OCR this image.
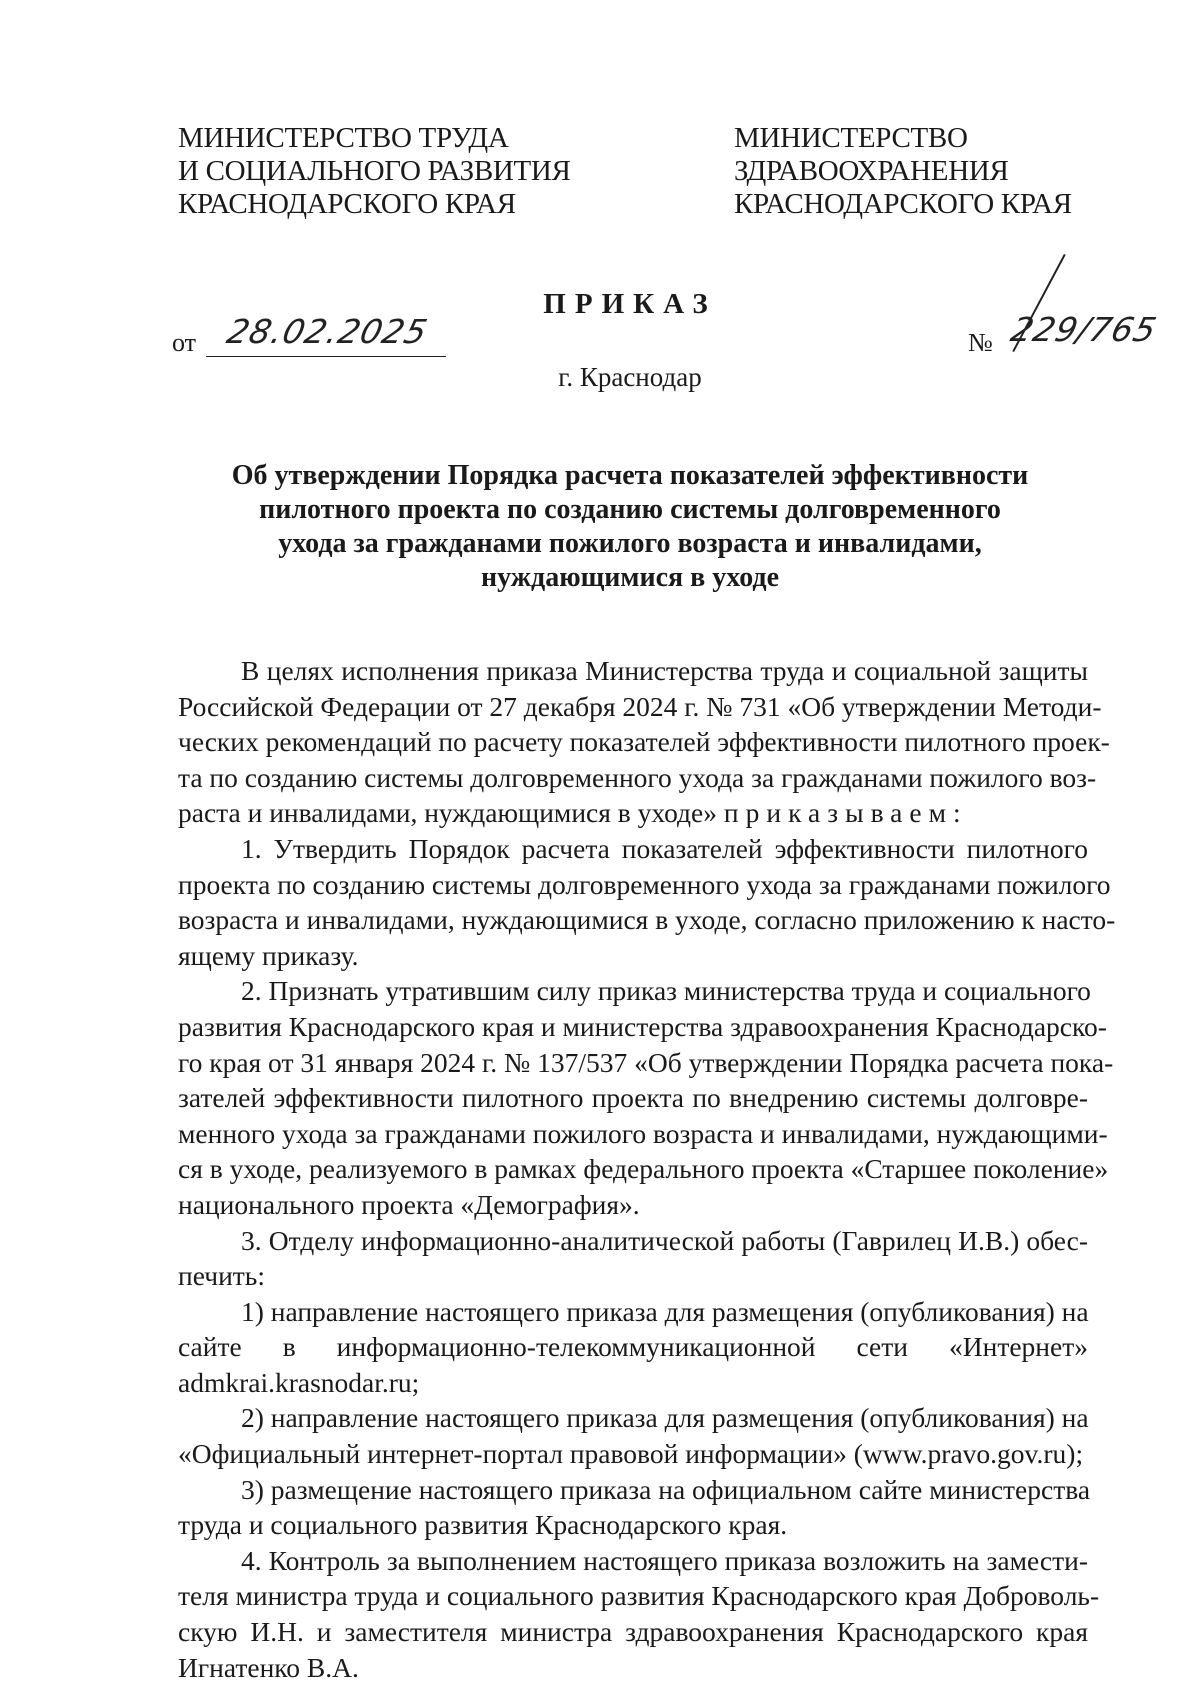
МИНИСТЕРСТВО ТРУДА
И СОЦИАЛЬНОГО РАЗВИТИЯ
КРАСНОДАРСКОГО КРАЯ
МИНИСТЕРСТВО
ЗДРАВООХРАНЕНИЯ
КРАСНОДАРСКОГО КРАЯ
ПРИКАЗ
от 28.02.2025	№ 229/765
г. Краснодар
Об утверждении Порядка расчета показателей эффективности
пилотного проекта по созданию системы долговременного
ухода за гражданами пожилого возраста и инвалидами,
нуждающимися в уходе
В целях исполнения приказа Министерства труда и социальной защиты
Российской Федерации от 27 декабря 2024 г. № 731 «Об утверждении Методи-
ческих рекомендаций по расчету показателей эффективности пилотного проек-
та по созданию системы долговременного ухода за гражданами пожилого воз-
раста и инвалидами, нуждающимися в уходе» приказываем:
1. Утвердить Порядок расчета показателей эффективности пилотного
проекта по созданию системы долговременного ухода за гражданами пожилого
возраста и инвалидами, нуждающимися в уходе, согласно приложению к насто-
ящему приказу.
2. Признать утратившим силу приказ министерства труда и социального
развития Краснодарского края и министерства здравоохранения Краснодарско-
го края от 31 января 2024 г. № 137/537 «Об утверждении Порядка расчета пока-
зателей эффективности пилотного проекта по внедрению системы долговре-
менного ухода за гражданами пожилого возраста и инвалидами, нуждающими-
ся в уходе, реализуемого в рамках федерального проекта «Старшее поколение»
национального проекта «Демография».
3. Отделу информационно-аналитической работы (Гаврилец И.В.) обес-
печить:
1) направление настоящего приказа для размещения (опубликования) на
сайте в информационно-телекоммуникационной сети «Интернет»
admkrai.krasnodar.ru;
2) направление настоящего приказа для размещения (опубликования) на
«Официальный интернет-портал правовой информации» (www.pravo.gov.ru);
3) размещение настоящего приказа на официальном сайте министерства
труда и социального развития Краснодарского края.
4. Контроль за выполнением настоящего приказа возложить на замести-
теля министра труда и социального развития Краснодарского края Доброволь-
скую И.Н. и заместителя министра здравоохранения Краснодарского края
Игнатенко В.А.
